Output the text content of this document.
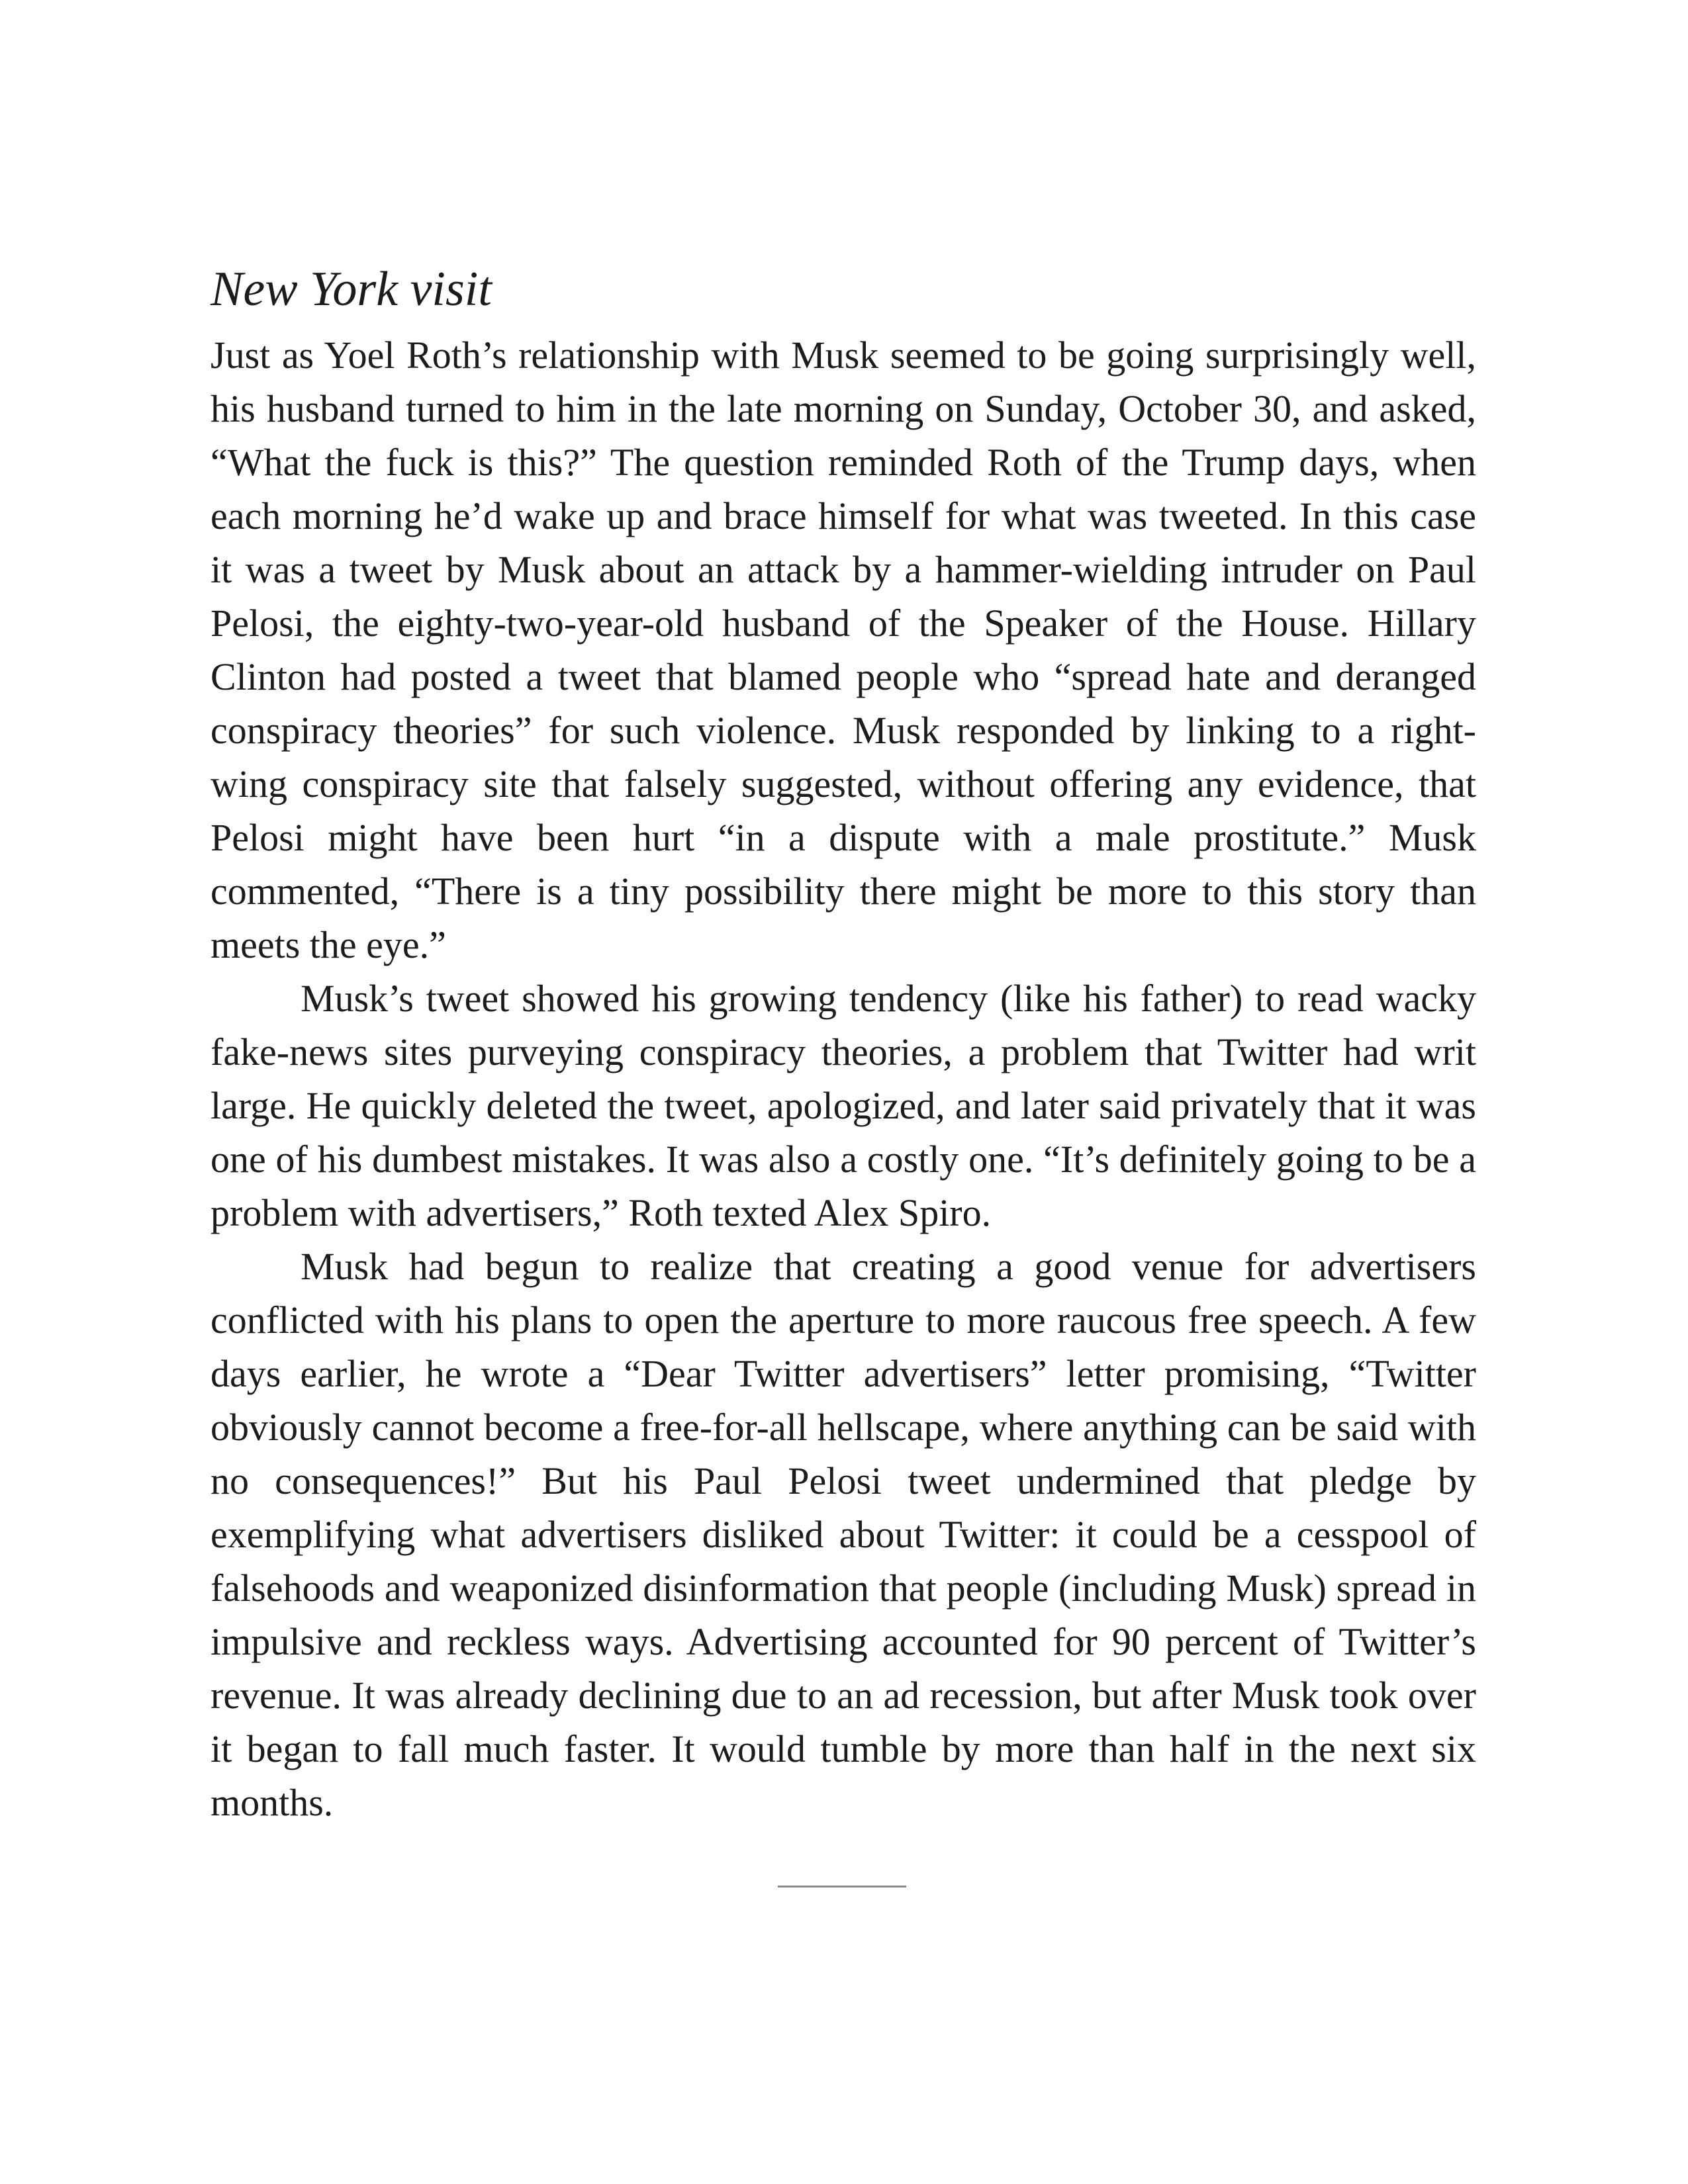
New York visit

Just as Yoel Roth’s relationship with Musk seemed to be going surprisingly well, his husband turned to him in the late morning on Sunday, October 30, and asked, “What the fuck is this?” The question reminded Roth of the Trump days, when each morning he’d wake up and brace himself for what was tweeted. In this case it was a tweet by Musk about an attack by a hammer-wielding intruder on Paul Pelosi, the eighty-two-year-old husband of the Speaker of the House. Hillary Clinton had posted a tweet that blamed people who “spread hate and deranged conspiracy theories” for such violence. Musk responded by linking to a right-wing conspiracy site that falsely suggested, without offering any evidence, that Pelosi might have been hurt “in a dispute with a male prostitute.” Musk commented, “There is a tiny possibility there might be more to this story than meets the eye.”

Musk’s tweet showed his growing tendency (like his father) to read wacky fake-news sites purveying conspiracy theories, a problem that Twitter had writ large. He quickly deleted the tweet, apologized, and later said privately that it was one of his dumbest mistakes. It was also a costly one. “It’s definitely going to be a problem with advertisers,” Roth texted Alex Spiro.

Musk had begun to realize that creating a good venue for advertisers conflicted with his plans to open the aperture to more raucous free speech. A few days earlier, he wrote a “Dear Twitter advertisers” letter promising, “Twitter obviously cannot become a free-for-all hellscape, where anything can be said with no consequences!” But his Paul Pelosi tweet undermined that pledge by exemplifying what advertisers disliked about Twitter: it could be a cesspool of falsehoods and weaponized disinformation that people (including Musk) spread in impulsive and reckless ways. Advertising accounted for 90 percent of Twitter’s revenue. It was already declining due to an ad recession, but after Musk took over it began to fall much faster. It would tumble by more than half in the next six months.
